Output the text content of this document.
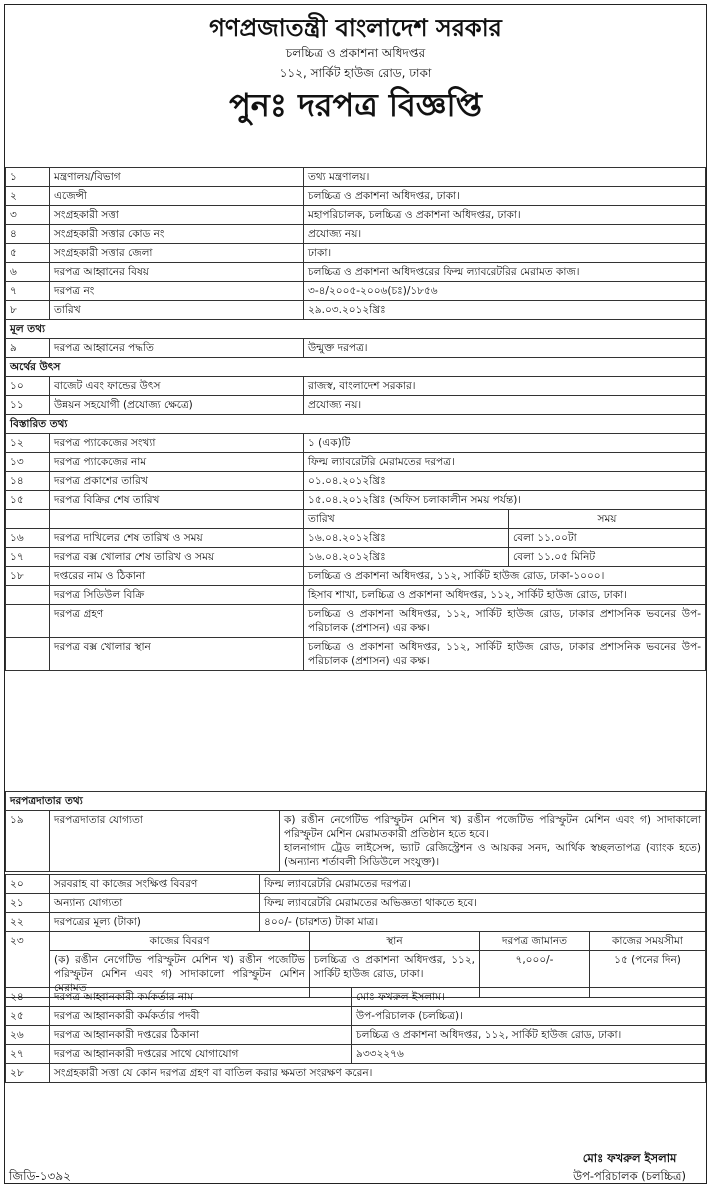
গণপ্রজাতন্ত্রী বাংলাদেশ সরকার
চলচ্চিত্র ও প্রকাশনা অধিদপ্তর
১১২, সার্কিট হাউজ রোড, ঢাকা
পুনঃ দরপত্র বিজ্ঞপ্তি
১	মন্ত্রণালয়/বিভাগ	তথ্য মন্ত্রণালয়।	
২	এজেন্সী	চলচ্চিত্র ও প্রকাশনা অধিদপ্তর, ঢাকা।	
৩	সংগ্রহকারী সত্তা	মহাপরিচালক, চলচ্চিত্র ও প্রকাশনা অধিদপ্তর, ঢাকা।	
৪	সংগ্রহকারী সত্তার কোড নং	প্রযোজ্য নয়।	
৫	সংগ্রহকারী সত্তার জেলা	ঢাকা।	
৬	দরপত্র আহ্বানের বিষয়	চলচ্চিত্র ও প্রকাশনা অধিদপ্তরের ফিল্ম ল্যাবরেটরির মেরামত কাজ।	
৭	দরপত্র নং	৩-৪/২০০৫-২০০৬(চঃ)/১৮৫৬	
৮	তারিখ	২৯.০৩.২০১২খ্রিঃ	
মূল তথ্য			
৯	দরপত্র আহ্বানের পদ্ধতি	উন্মুক্ত দরপত্র।	
অর্থের উৎস			
১০	বাজেট এবং ফান্ডের উৎস	রাজস্ব, বাংলাদেশ সরকার।	
১১	উন্নয়ন সহযোগী (প্রযোজ্য ক্ষেত্রে)	প্রযোজ্য নয়।	
বিস্তারিত তথ্য			
১২	দরপত্র প্যাকেজের সংখ্যা	১ (এক)টি	
১৩	দরপত্র প্যাকেজের নাম	ফিল্ম ল্যাবরেটরি মেরামতের দরপত্র।	
১৪	দরপত্র প্রকাশের তারিখ	০১.০৪.২০১২খ্রিঃ	
১৫	দরপত্র বিক্রির শেষ তারিখ	১৫.০৪.২০১২খ্রিঃ (অফিস চলাকালীন সময় পর্যন্ত)।	
		তারিখ	সময়
১৬	দরপত্র দাখিলের শেষ তারিখ ও সময়	১৬.০৪.২০১২খ্রিঃ	বেলা ১১.০০টা
১৭	দরপত্র বক্স খোলার শেষ তারিখ ও সময়	১৬.০৪.২০১২খ্রিঃ	বেলা ১১.০৫ মিনিট
১৮	দপ্তরের নাম ও ঠিকানা	চলচ্চিত্র ও প্রকাশনা অধিদপ্তর, ১১২, সার্কিট হাউজ রোড, ঢাকা-১০০০।	
	দরপত্র সিডিউল বিক্রি	হিসাব শাখা, চলচ্চিত্র ও প্রকাশনা অধিদপ্তর, ১১২, সার্কিট হাউজ রোড, ঢাকা।	
	দরপত্র গ্রহণ	চলচ্চিত্র ও প্রকাশনা অধিদপ্তর, ১১২, সার্কিট হাউজ রোড, ঢাকার প্রশাসনিক ভবনের উপ-পরিচালক (প্রশাসন) এর কক্ষ।	
	দরপত্র বক্স খোলার স্থান	চলচ্চিত্র ও প্রকাশনা অধিদপ্তর, ১১২, সার্কিট হাউজ রোড, ঢাকার প্রশাসনিক ভবনের উপ-পরিচালক (প্রশাসন) এর কক্ষ।	
দরপত্রদাতার তথ্য
১৯	দরপত্রদাতার যোগ্যতা	ক) রঙীন নেগেটিভ পরিস্ফুটন মেশিন খ) রঙীন পজেটিভ পরিস্ফুটন মেশিন এবং গ) সাদাকালো পরিস্ফুটন মেশিন মেরামতকারী প্রতিষ্ঠান হতে হবে।
হালনাগাদ ট্রেড লাইসেন্স, ভ্যাট রেজিস্ট্রেশন ও আয়কর সনদ, আর্থিক স্বচ্ছলতাপত্র (ব্যাংক হতে) (অন্যান্য শর্তাবলী সিডিউলে সংযুক্ত)।
২০	সরবরাহ বা কাজের সংক্ষিপ্ত বিবরণ	ফিল্ম ল্যাবরেটরি মেরামতের দরপত্র।			
২১	অন্যান্য যোগ্যতা	ফিল্ম ল্যাবরেটরি মেরামতের অভিজ্ঞতা থাকতে হবে।			
২২	দরপত্রের মূল্য (টাকা)	৪০০/- (চারশত) টাকা মাত্র।			
২৩	কাজের বিবরণ		স্থান	দরপত্র জামানত	কাজের সময়সীমা
	(ক) রঙীন নেগেটিভ পরিস্ফুটন মেশিন খ) রঙীন পজেটিভ পরিস্ফুটন মেশিন এবং গ) সাদাকালো পরিস্ফুটন মেশিন মেরামত		চলচ্চিত্র ও প্রকাশনা অধিদপ্তর, ১১২, সার্কিট হাউজ রোড, ঢাকা।	৭,০০০/-	১৫ (পনের দিন)
২৪	দরপত্র আহ্বানকারী কর্মকর্তার নাম	মোঃ ফখরুল ইসলাম।
২৫	দরপত্র আহ্বানকারী কর্মকর্তার পদবী	উপ-পরিচালক (চলচ্চিত্র)।
২৬	দরপত্র আহ্বানকারী দপ্তরের ঠিকানা	চলচ্চিত্র ও প্রকাশনা অধিদপ্তর, ১১২, সার্কিট হাউজ রোড, ঢাকা।
২৭	দরপত্র আহ্বানকারী দপ্তরের সাথে যোগাযোগ	৯৩৩২২৭৬
২৮	সংগ্রহকারী সত্তা যে কোন দরপত্র গ্রহণ বা বাতিল করার ক্ষমতা সংরক্ষণ করেন।	
জিডি-১৩৯২
মোঃ ফখরুল ইসলাম
উপ-পরিচালক (চলচ্চিত্র)
